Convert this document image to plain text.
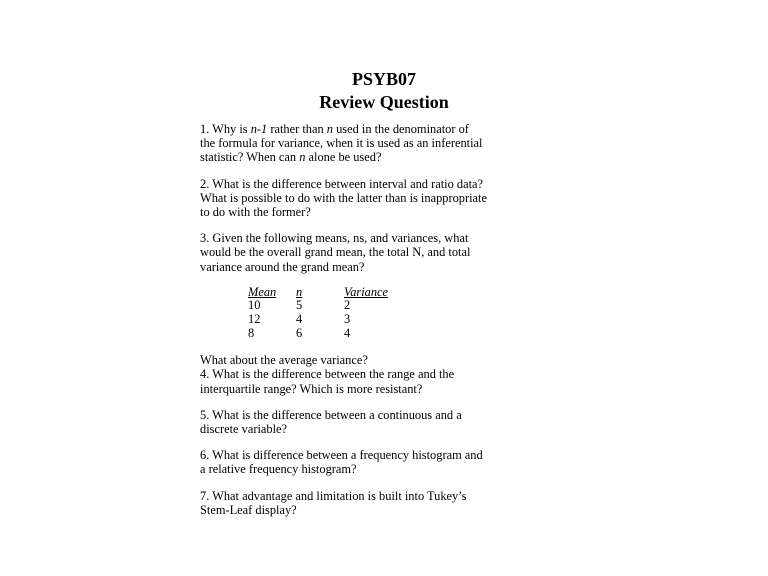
PSYB07
Review Question

1. Why is n-1 rather than n used in the denominator of

the formula for variance, when it is used as an inferential

statistic? When can n alone be used?

2. What is the difference between interval and ratio data?

What is possible to do with the latter than is inappropriate

to do with the former?

3. Given the following means, ns, and variances, what

would be the overall grand mean, the total N, and total

variance around the grand mean?

Mean	n	Variance
10	5	2
12	4	3
8	6	4

What about the average variance?

4. What is the difference between the range and the

interquartile range? Which is more resistant?

5. What is the difference between a continuous and a

discrete variable?

6. What is difference between a frequency histogram and

a relative frequency histogram?

7. What advantage and limitation is built into Tukey’s

Stem-Leaf display?
